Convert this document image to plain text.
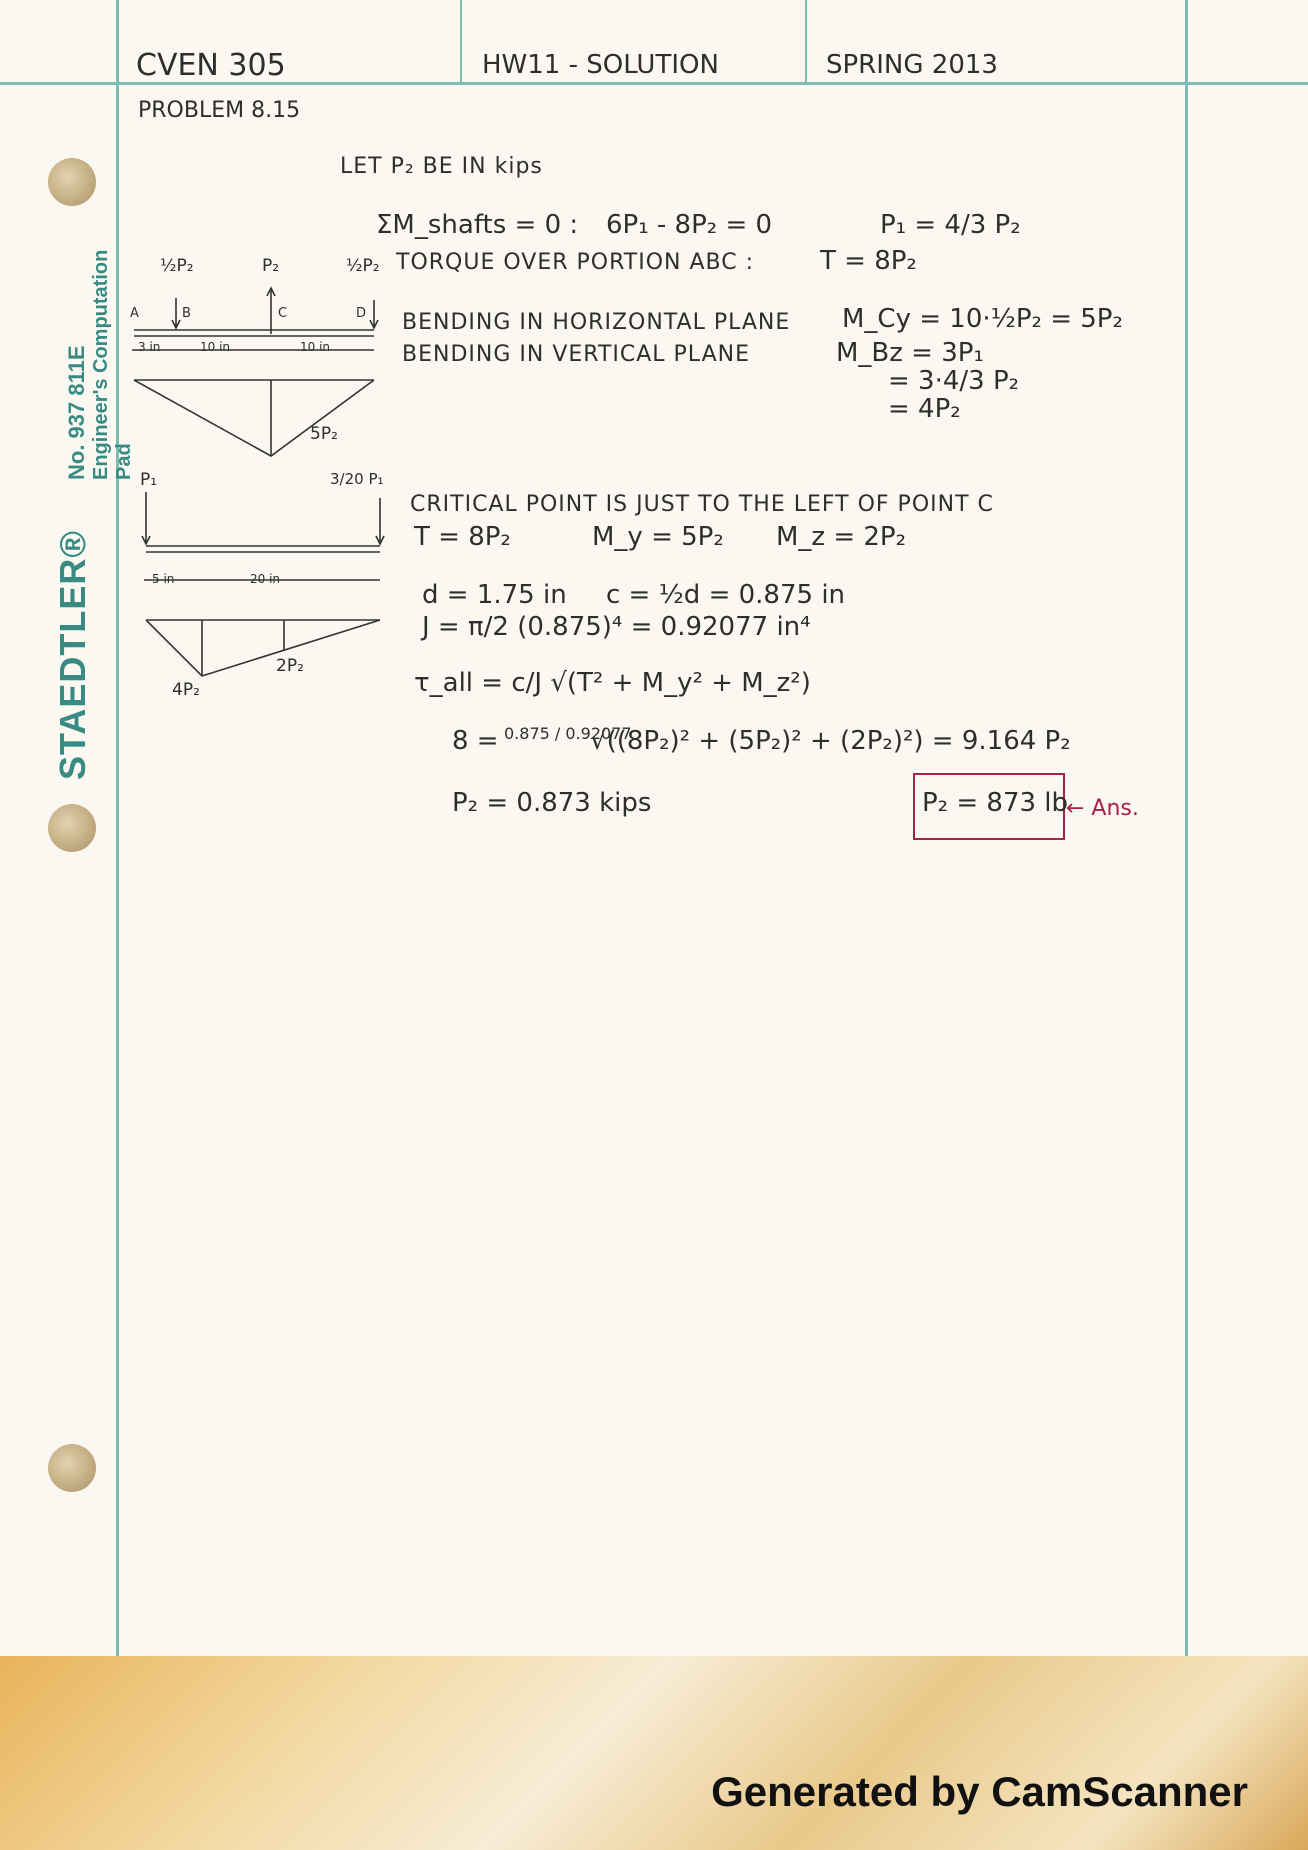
STAEDTLER®
No. 937 811E Engineer's Computation Pad
CVEN 305	HW11 - SOLUTION	SPRING 2013
PROBLEM 8.15
LET P₂ BE IN kips
ΣM_shafts = 0 : 6P₁ - 8P₂ = 0	P₁ = 4/3 P₂
TORQUE OVER PORTION ABC :	T = 8P₂
BENDING IN HORIZONTAL PLANE M_Cy = 10·½P₂ = 5P₂
BENDING IN VERTICAL PLANE	M_Bz = 3P₁
= 3·4/3 P₂
= 4P₂
CRITICAL POINT IS JUST TO THE LEFT OF POINT C
T = 8P₂	M_y = 5P₂ M_z = 2P₂
d = 1.75 in c = ½d = 0.875 in
J = π/2 (0.875)⁴ = 0.92077 in⁴
τ_all = c/J √(T² + M_y² + M_z²)
8 = 0.875 / 0.92077
√((8P₂)² + (5P₂)² + (2P₂)²) = 9.164 P₂
P₂ = 0.873 kips	P₂ = 873 lb
← Ans.
½P₂	P₂	½P₂
A	B	C	D
3 in	10 in	10 in
5P₂
P₁	3/20 P₁
5 in	20 in
4P₂
2P₂
Generated by CamScanner
